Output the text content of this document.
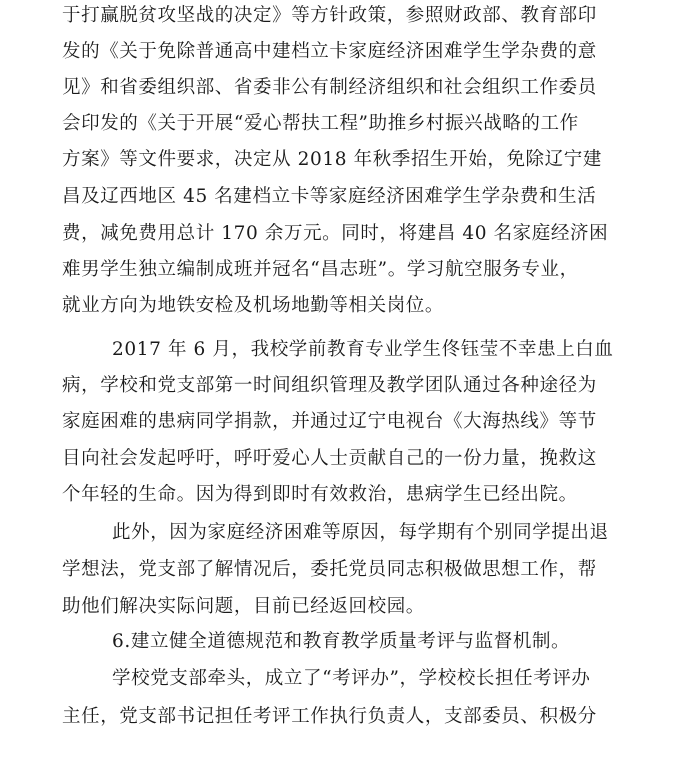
于打赢脱贫攻坚战的决定》等方针政策，参照财政部、教育部印
发的《关于免除普通高中建档立卡家庭经济困难学生学杂费的意
见》和省委组织部、省委非公有制经济组织和社会组织工作委员
会印发的《关于开展“爱心帮扶工程”助推乡村振兴战略的工作
方案》等文件要求，决定从 2018 年秋季招生开始，免除辽宁建
昌及辽西地区 45 名建档立卡等家庭经济困难学生学杂费和生活
费，减免费用总计 170 余万元。同时，将建昌 40 名家庭经济困
难男学生独立编制成班并冠名“昌志班”。学习航空服务专业，
就业方向为地铁安检及机场地勤等相关岗位。
2017 年 6 月，我校学前教育专业学生佟钰莹不幸患上白血
病，学校和党支部第一时间组织管理及教学团队通过各种途径为
家庭困难的患病同学捐款，并通过辽宁电视台《大海热线》等节
目向社会发起呼吁，呼吁爱心人士贡献自己的一份力量，挽救这
个年轻的生命。因为得到即时有效救治，患病学生已经出院。
此外，因为家庭经济困难等原因，每学期有个别同学提出退
学想法，党支部了解情况后，委托党员同志积极做思想工作，帮
助他们解决实际问题，目前已经返回校园。
6.建立健全道德规范和教育教学质量考评与监督机制。
学校党支部牵头，成立了“考评办”，学校校长担任考评办
主任，党支部书记担任考评工作执行负责人，支部委员、积极分
